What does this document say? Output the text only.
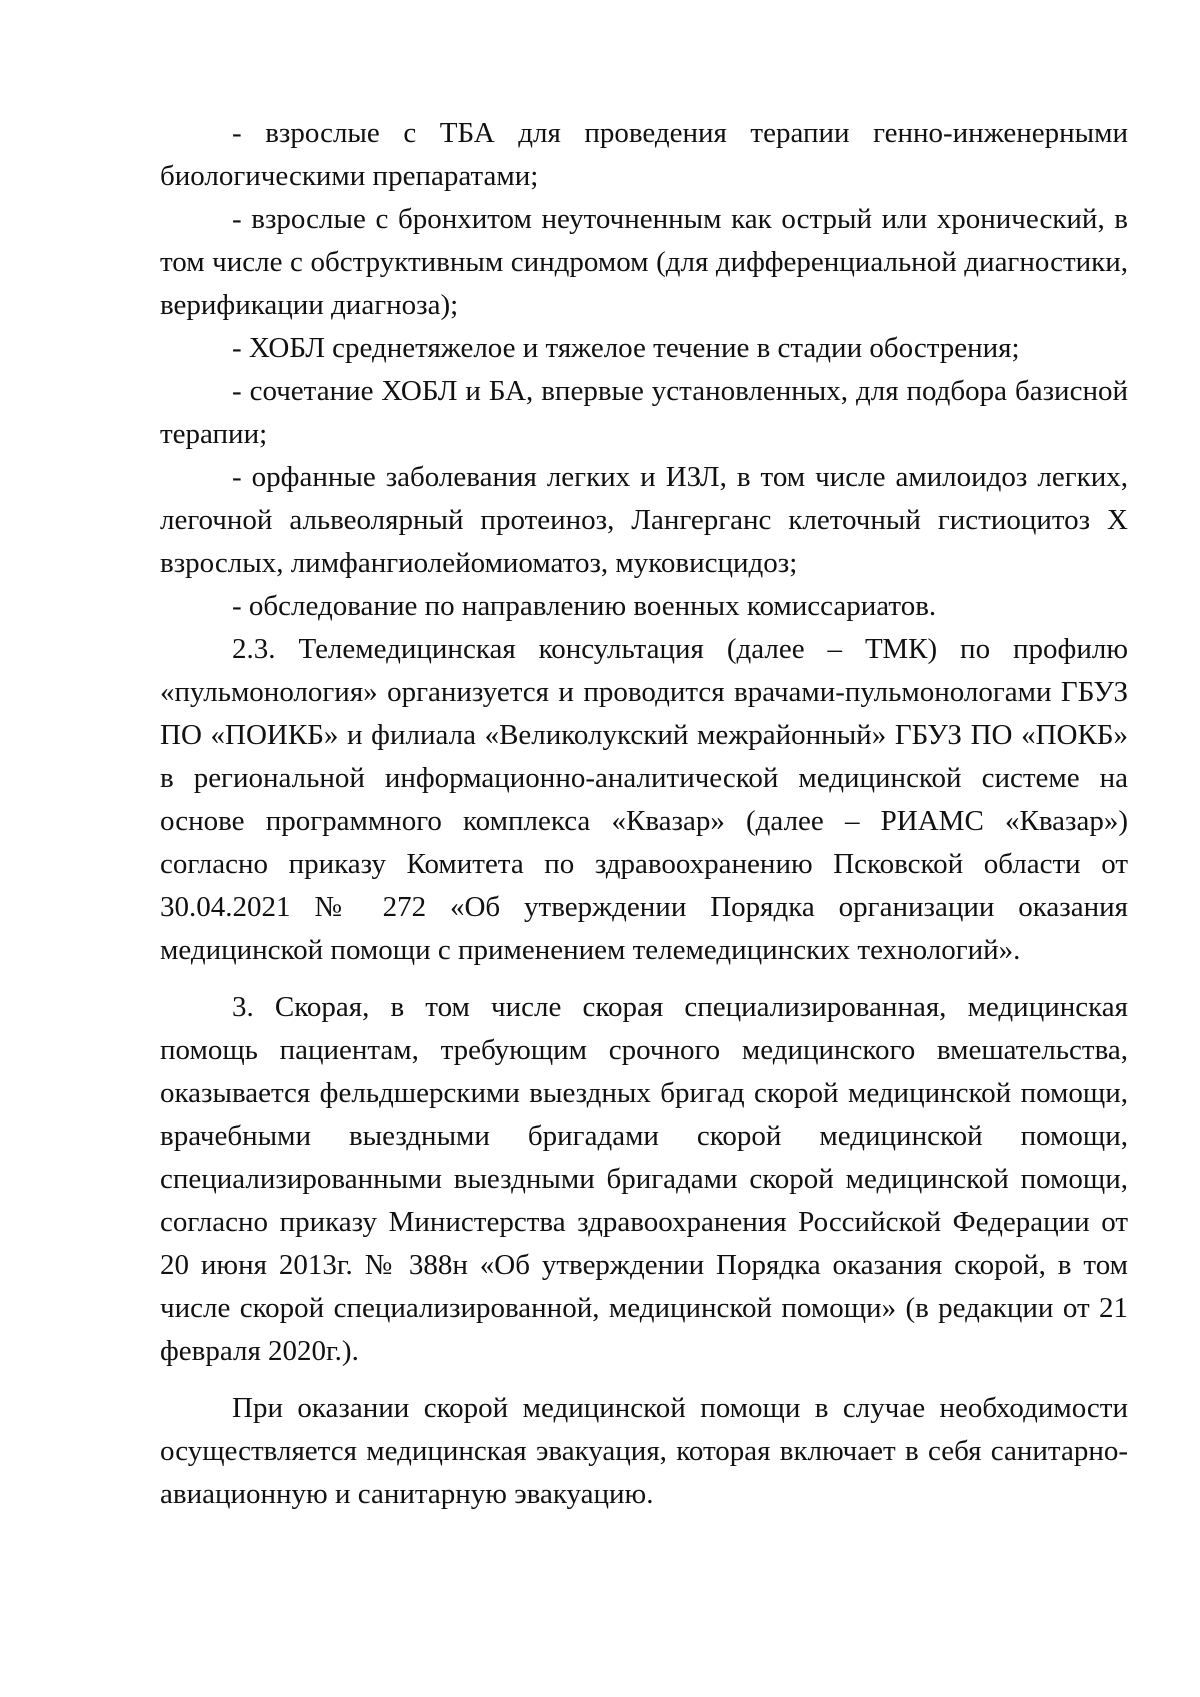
- взрослые с ТБА для проведения терапии генно-инженерными биологическими препаратами;

- взрослые с бронхитом неуточненным как острый или хронический, в том числе с обструктивным синдромом (для дифференциальной диагностики, верификации диагноза);

- ХОБЛ среднетяжелое и тяжелое течение в стадии обострения;

- сочетание ХОБЛ и БА, впервые установленных, для подбора базисной терапии;

- орфанные заболевания легких и ИЗЛ, в том числе амилоидоз легких, легочной альвеолярный протеиноз, Лангерганс клеточный гистиоцитоз X взрослых, лимфангиолейомиоматоз, муковисцидоз;

- обследование по направлению военных комиссариатов.

2.3. Телемедицинская консультация (далее – ТМК) по профилю «пульмонология» организуется и проводится врачами-пульмонологами ГБУЗ ПО «ПОИКБ» и филиала «Великолукский межрайонный» ГБУЗ ПО «ПОКБ» в региональной информационно-аналитической медицинской системе на основе программного комплекса «Квазар» (далее – РИАМС «Квазар») согласно приказу Комитета по здравоохранению Псковской области от 30.04.2021 № 272 «Об утверждении Порядка организации оказания медицинской помощи с применением телемедицинских технологий».

3. Скорая, в том числе скорая специализированная, медицинская помощь пациентам, требующим срочного медицинского вмешательства, оказывается фельдшерскими выездных бригад скорой медицинской помощи, врачебными выездными бригадами скорой медицинской помощи, специализированными выездными бригадами скорой медицинской помощи, согласно приказу Министерства здравоохранения Российской Федерации от 20 июня 2013г. № 388н «Об утверждении Порядка оказания скорой, в том числе скорой специализированной, медицинской помощи» (в редакции от 21 февраля 2020г.).

При оказании скорой медицинской помощи в случае необходимости осуществляется медицинская эвакуация, которая включает в себя санитарно-авиационную и санитарную эвакуацию.
